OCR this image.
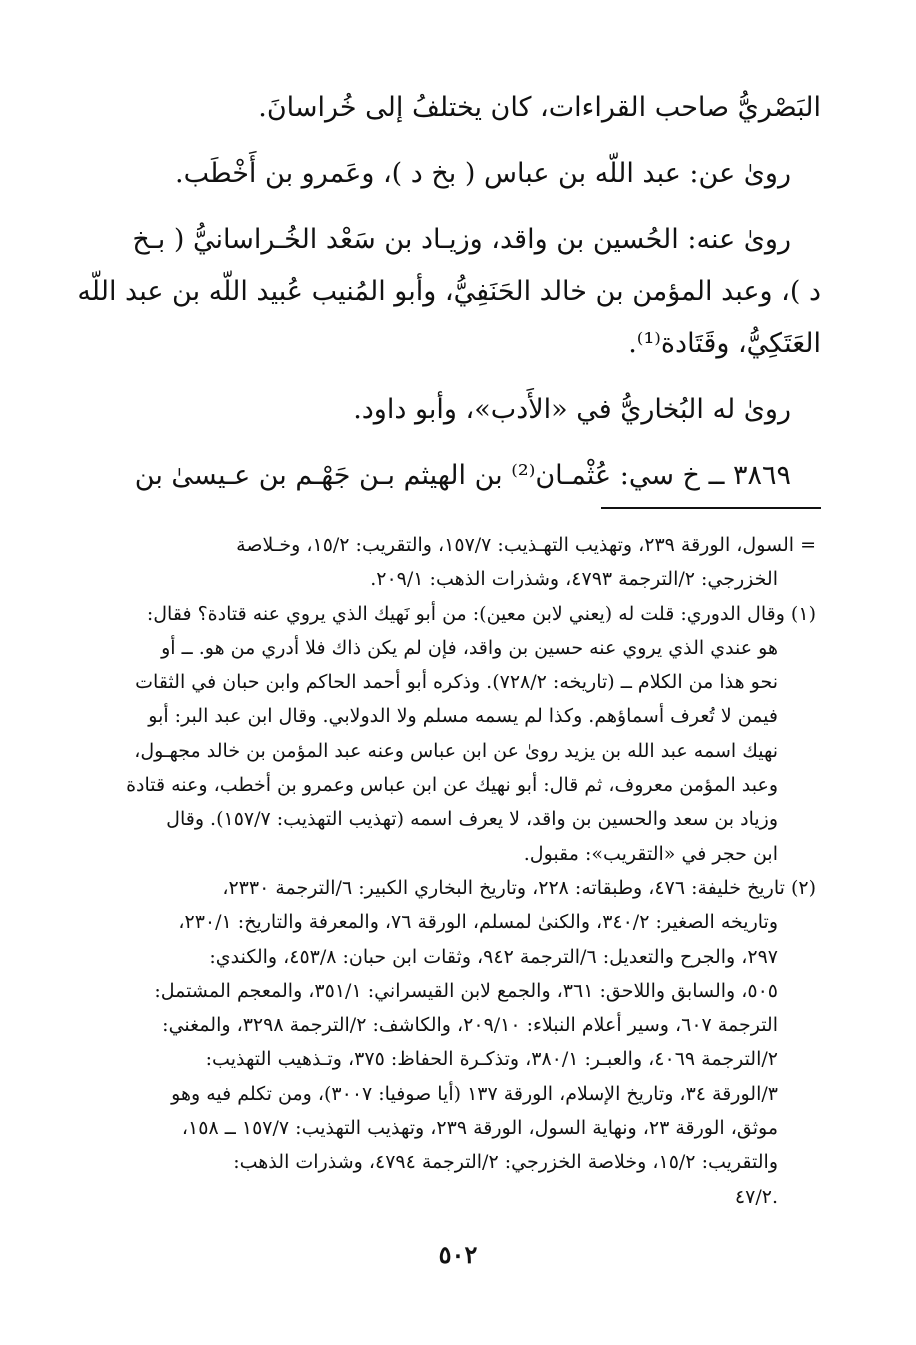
البَصْريُّ صاحب القراءات، كان يختلفُ إلى خُراسانَ.

روىٰ عن: عبد اللّه بن عباس ( بخ د )، وعَمرو بن أَخْطَب.

روىٰ عنه: الحُسين بن واقد، وزيـاد بن سَعْد الخُـراسانيُّ ( بـخ

د )، وعبد المؤمن بن خالد الحَنَفِيُّ، وأبو المُنيب عُبيد اللّه بن عبد اللّه

العَتَكِيُّ، وقَتَادة⁽¹⁾.

روىٰ له البُخاريُّ في «الأَدب»، وأبو داود.

٣٨٦٩ ــ خ سي: عُثْمـان⁽²⁾ بن الهيثم بـن جَهْـم بن عـيسىٰ بن

= السول، الورقة ٢٣٩، وتهذيب التهـذيب: ١٥٧/٧، والتقريب: ١٥/٢، وخـلاصة

الخزرجي: ٢/الترجمة ٤٧٩٣، وشذرات الذهب: ٢٠٩/١.

(١) وقال الدوري: قلت له (يعني لابن معين): من أبو نَهيك الذي يروي عنه قتادة؟ فقال:

هو عندي الذي يروي عنه حسين بن واقد، فإن لم يكن ذاك فلا أدري من هو. ــ أو

نحو هذا من الكلام ــ (تاريخه: ٧٢٨/٢). وذكره أبو أحمد الحاكم وابن حبان في الثقات

فيمن لا تُعرف أسماؤهم. وكذا لم يسمه مسلم ولا الدولابي. وقال ابن عبد البر: أبو

نهيك اسمه عبد الله بن يزيد روىٰ عن ابن عباس وعنه عبد المؤمن بن خالد مجهـول،

وعبد المؤمن معروف، ثم قال: أبو نهيك عن ابن عباس وعمرو بن أخطب، وعنه قتادة

وزياد بن سعد والحسين بن واقد، لا يعرف اسمه (تهذيب التهذيب: ١٥٧/٧). وقال

ابن حجر في «التقريب»: مقبول.

(٢) تاريخ خليفة: ٤٧٦، وطبقاته: ٢٢٨، وتاريخ البخاري الكبير: ٦/الترجمة ٢٣٣٠،

وتاريخه الصغير: ٣٤٠/٢، والكنىٰ لمسلم، الورقة ٧٦، والمعرفة والتاريخ: ٢٣٠/١،

٢٩٧، والجرح والتعديل: ٦/الترجمة ٩٤٢، وثقات ابن حبان: ٤٥٣/٨، والكندي:

٥٠٥، والسابق واللاحق: ٣٦١، والجمع لابن القيسراني: ٣٥١/١، والمعجم المشتمل:

الترجمة ٦٠٧، وسير أعلام النبلاء: ٢٠٩/١٠، والكاشف: ٢/الترجمة ٣٢٩٨، والمغني:

٢/الترجمة ٤٠٦٩، والعبـر: ٣٨٠/١، وتذكـرة الحفاظ: ٣٧٥، وتـذهيب التهذيب:

٣/الورقة ٣٤، وتاريخ الإسلام، الورقة ١٣٧ (أيا صوفيا: ٣٠٠٧)، ومن تكلم فيه وهو

موثق، الورقة ٢٣، ونهاية السول، الورقة ٢٣٩، وتهذيب التهذيب: ١٥٧/٧ ــ ١٥٨،

والتقريب: ١٥/٢، وخلاصة الخزرجي: ٢/الترجمة ٤٧٩٤، وشذرات الذهب:

.٤٧/٢

٥٠٢
